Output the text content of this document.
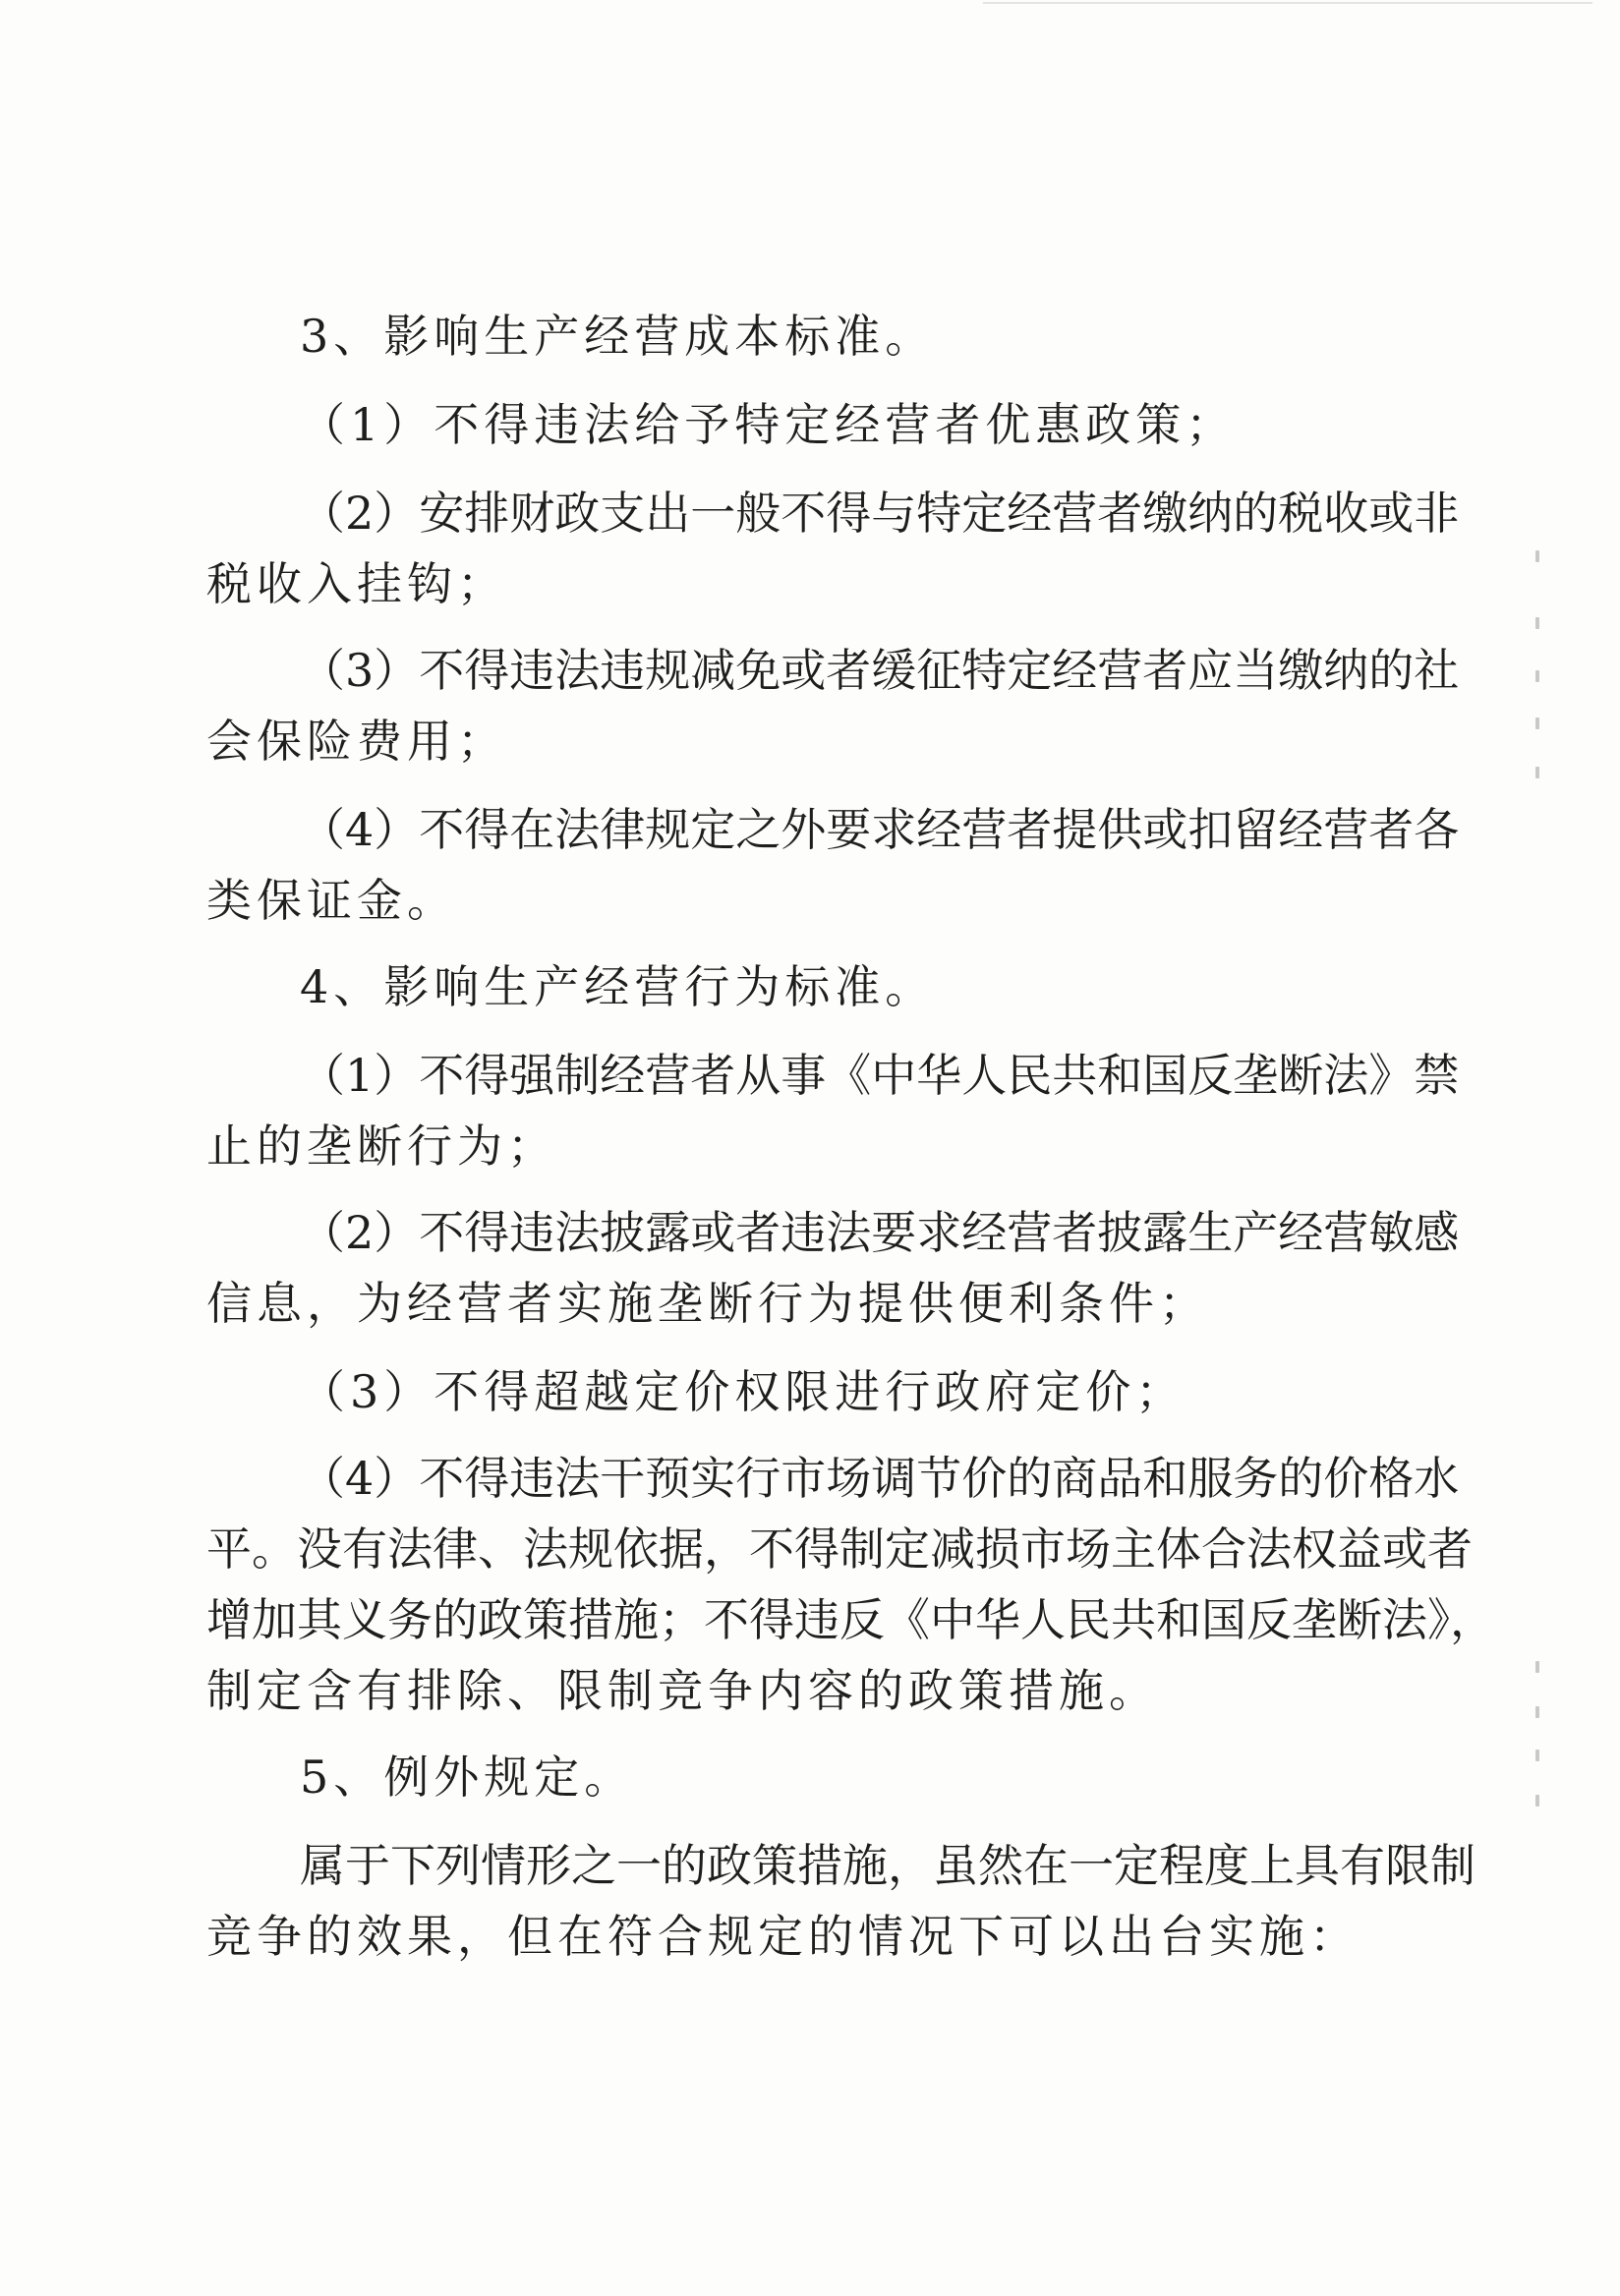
3、影响生产经营成本标准。
（1）不得违法给予特定经营者优惠政策；
（2）安排财政支出一般不得与特定经营者缴纳的税收或非
税收入挂钩；
（3）不得违法违规减免或者缓征特定经营者应当缴纳的社
会保险费用；
（4）不得在法律规定之外要求经营者提供或扣留经营者各
类保证金。
4、影响生产经营行为标准。
（1）不得强制经营者从事《中华人民共和国反垄断法》禁
止的垄断行为；
（2）不得违法披露或者违法要求经营者披露生产经营敏感
信息，为经营者实施垄断行为提供便利条件；
（3）不得超越定价权限进行政府定价；
（4）不得违法干预实行市场调节价的商品和服务的价格水
平。没有法律、法规依据，不得制定减损市场主体合法权益或者
增加其义务的政策措施；不得违反《中华人民共和国反垄断法》，
制定含有排除、限制竞争内容的政策措施。
5、例外规定。
属于下列情形之一的政策措施，虽然在一定程度上具有限制
竞争的效果，但在符合规定的情况下可以出台实施：
